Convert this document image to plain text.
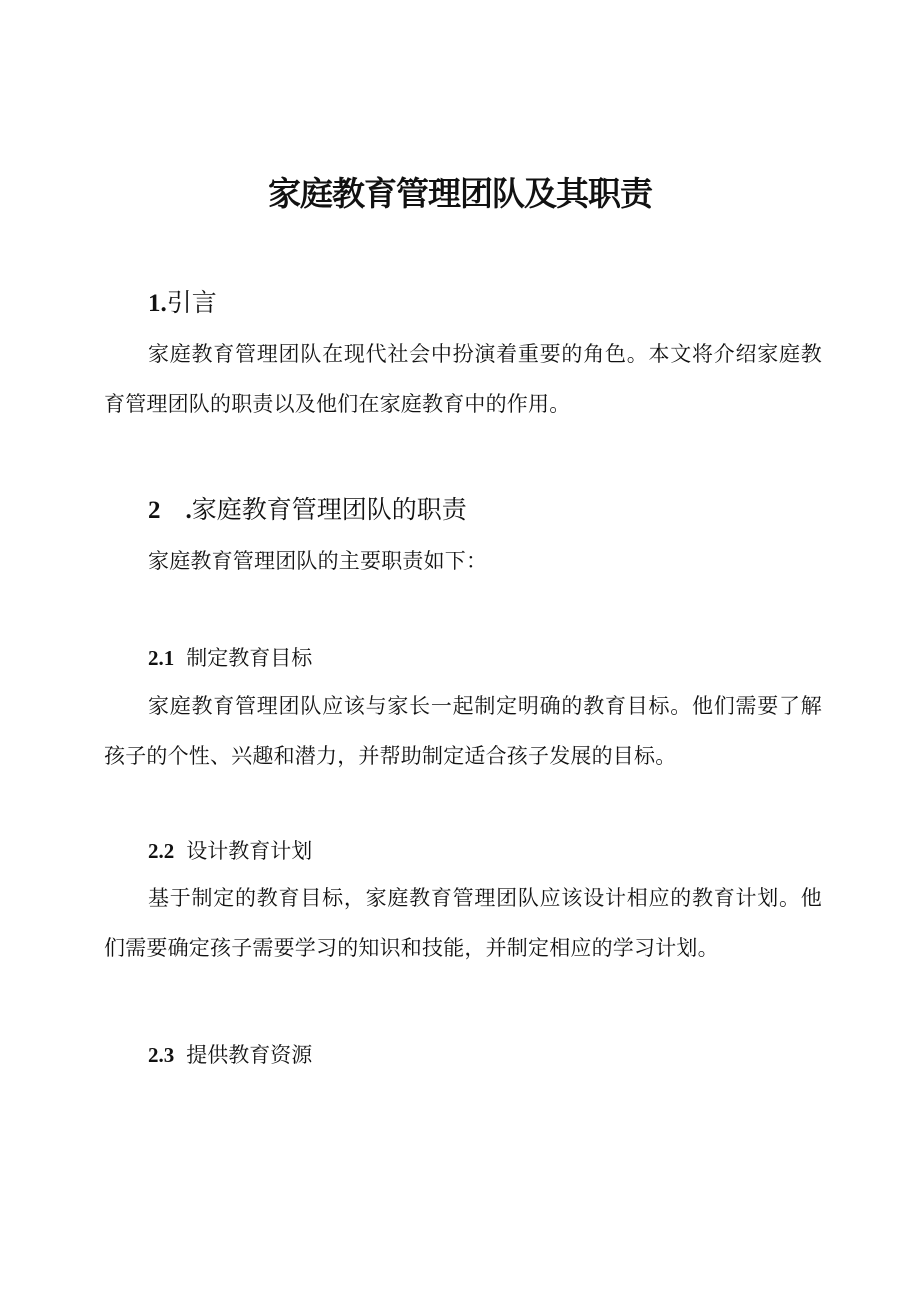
家庭教育管理团队及其职责
1.引言

家庭教育管理团队在现代社会中扮演着重要的角色。本文将介绍家庭教育管理团队的职责以及他们在家庭教育中的作用。

2　.家庭教育管理团队的职责

家庭教育管理团队的主要职责如下：

2.1 制定教育目标

家庭教育管理团队应该与家长一起制定明确的教育目标。他们需要了解孩子的个性、兴趣和潜力，并帮助制定适合孩子发展的目标。

2.2 设计教育计划

基于制定的教育目标，家庭教育管理团队应该设计相应的教育计划。他们需要确定孩子需要学习的知识和技能，并制定相应的学习计划。

2.3 提供教育资源
